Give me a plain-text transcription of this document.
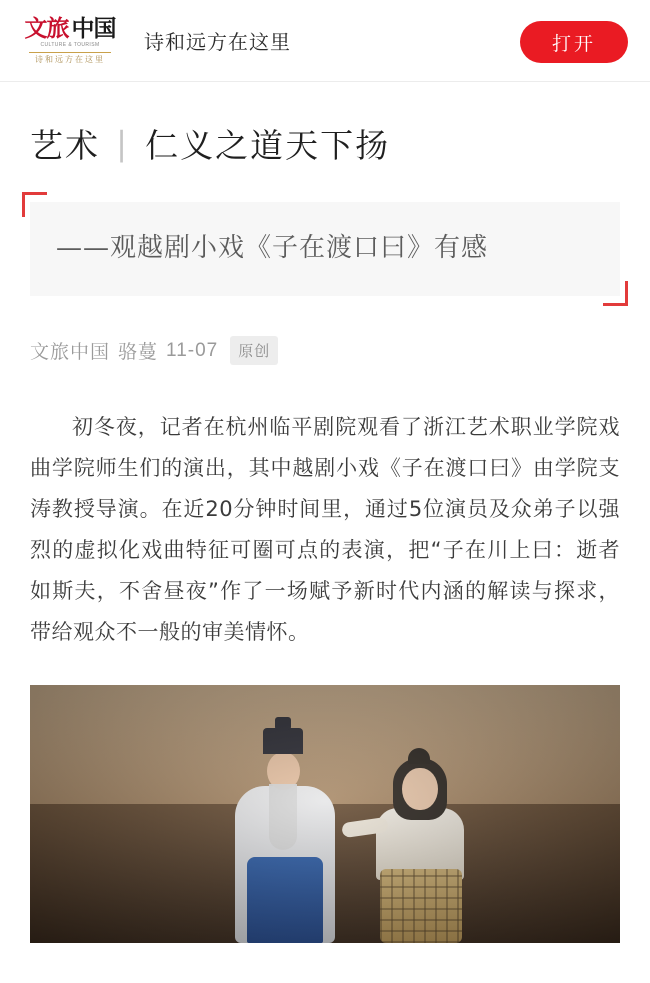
文旅 中国
CULTURE & TOURISM
诗和远方在这里
诗和远方在这里	打开
艺术 | 仁义之道天下扬
——观越剧小戏《子在渡口曰》有感
文旅中国 骆蔓 11-07	原创

初冬夜，记者在杭州临平剧院观看了浙江艺术职业学院戏曲学院师生们的演出，其中越剧小戏《子在渡口曰》由学院支涛教授导演。在近20分钟时间里，通过5位演员及众弟子以强烈的虚拟化戏曲特征可圈可点的表演，把“子在川上曰：逝者如斯夫，不舍昼夜”作了一场赋予新时代内涵的解读与探求，带给观众不一般的审美情怀。
